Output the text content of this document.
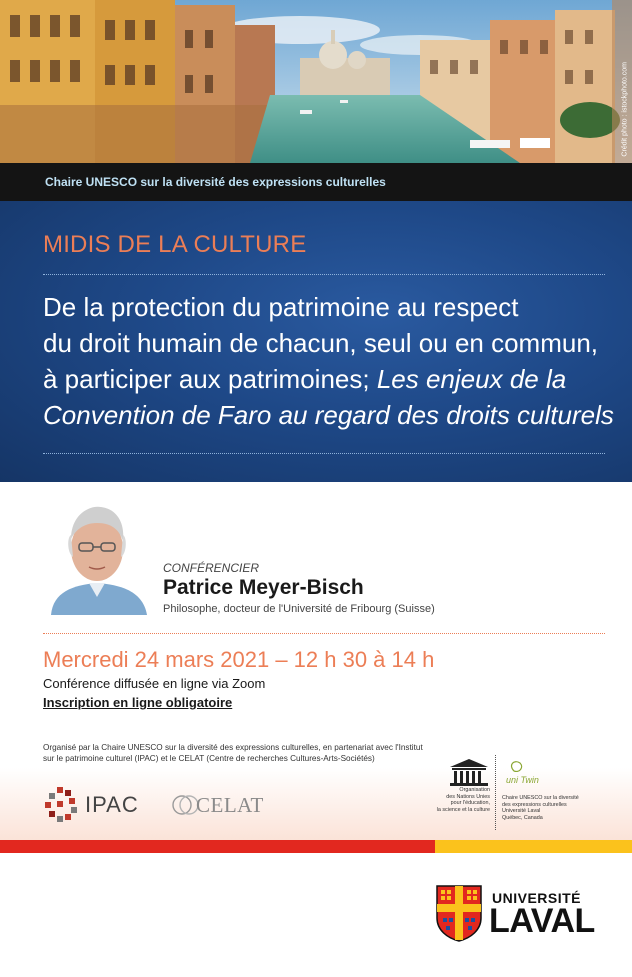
Crédit photo : istockphoto.com
Chaire UNESCO sur la diversité des expressions culturelles
MIDIS DE LA CULTURE
De la protection du patrimoine au respect
du droit humain de chacun, seul ou en commun,
à participer aux patrimoines; Les enjeux de la
Convention de Faro au regard des droits culturels
CONFÉRENCIER
Patrice Meyer-Bisch
Philosophe, docteur de l'Université de Fribourg (Suisse)
Mercredi 24 mars 2021 – 12 h 30 à 14 h
Conférence diffusée en ligne via Zoom
Inscription en ligne obligatoire
Organisé par la Chaire UNESCO sur la diversité des expressions culturelles, en partenariat avec l'Institut sur le patrimoine culturel (IPAC) et le CELAT (Centre de recherches Cultures-Arts-Sociétés)
IPAC	CELAT
Organisation
des Nations Unies
pour l'éducation,
la science et la culture
uni Twin
Chaire UNESCO sur la diversité
des expressions culturelles
Université Laval
Québec, Canada
UNIVERSITÉ
LAVAL
